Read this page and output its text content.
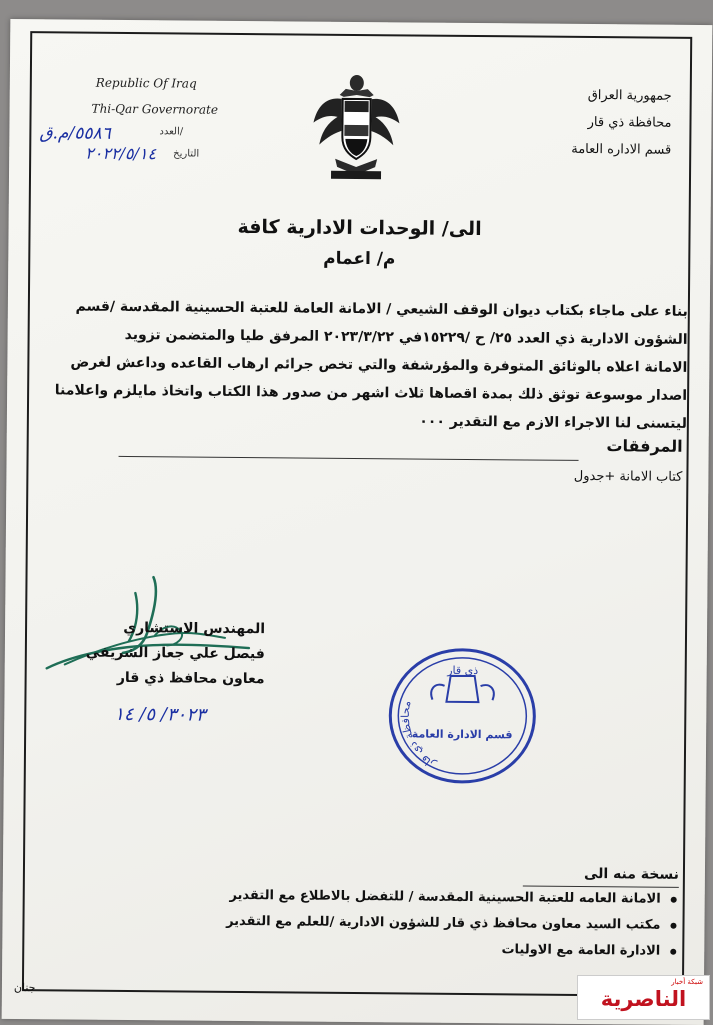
Republic Of Iraq
Thi-Qar Governorate
٥٥٨٦/م.ق	العدد/
٢٠٢٢/٥/١٤ التاريخ
جمهورية العراق
محافظة ذي قار
قسم الاداره العامة
الى/ الوحدات الادارية كافة
م/ اعمام
بناء على ماجاء بكتاب ديوان الوقف الشيعي / الامانة العامة للعتبة الحسينية المقدسة /قسم
الشؤون الادارية ذي العدد ٢٥/ ح /١٥٢٢٩في ٢٠٢٣/٣/٢٢ المرفق طيا والمتضمن تزويد
الامانة اعلاه بالوثائق المتوفرة والمؤرشفة والتي تخص جرائم ارهاب القاعده وداعش لغرض
اصدار موسوعة توثق ذلك بمدة اقصاها ثلاث اشهر من صدور هذا الكتاب واتخاذ مايلزم واعلامنا
ليتسنى لنا الاجراء الازم مع التقدير ٠٠٠
المرفقات
كتاب الامانة +جدول
المهندس الاستشاري
فيصل علي جعاز الشريفي
معاون محافظ ذي قار
٣٠٢٣/ ٥/ ١٤
ذي قار
محافظة ذي قار
قسم الادارة العامة
نسخة منه الى
الامانة العامه للعتبة الحسينية المقدسة / للتفضل بالاطلاع مع التقدير
مكتب السيد معاون محافظ ذي قار للشؤون الادارية /للعلم مع التقدير
الادارة العامة مع الاوليات
جنان	شبكة أخبار
الناصرية
